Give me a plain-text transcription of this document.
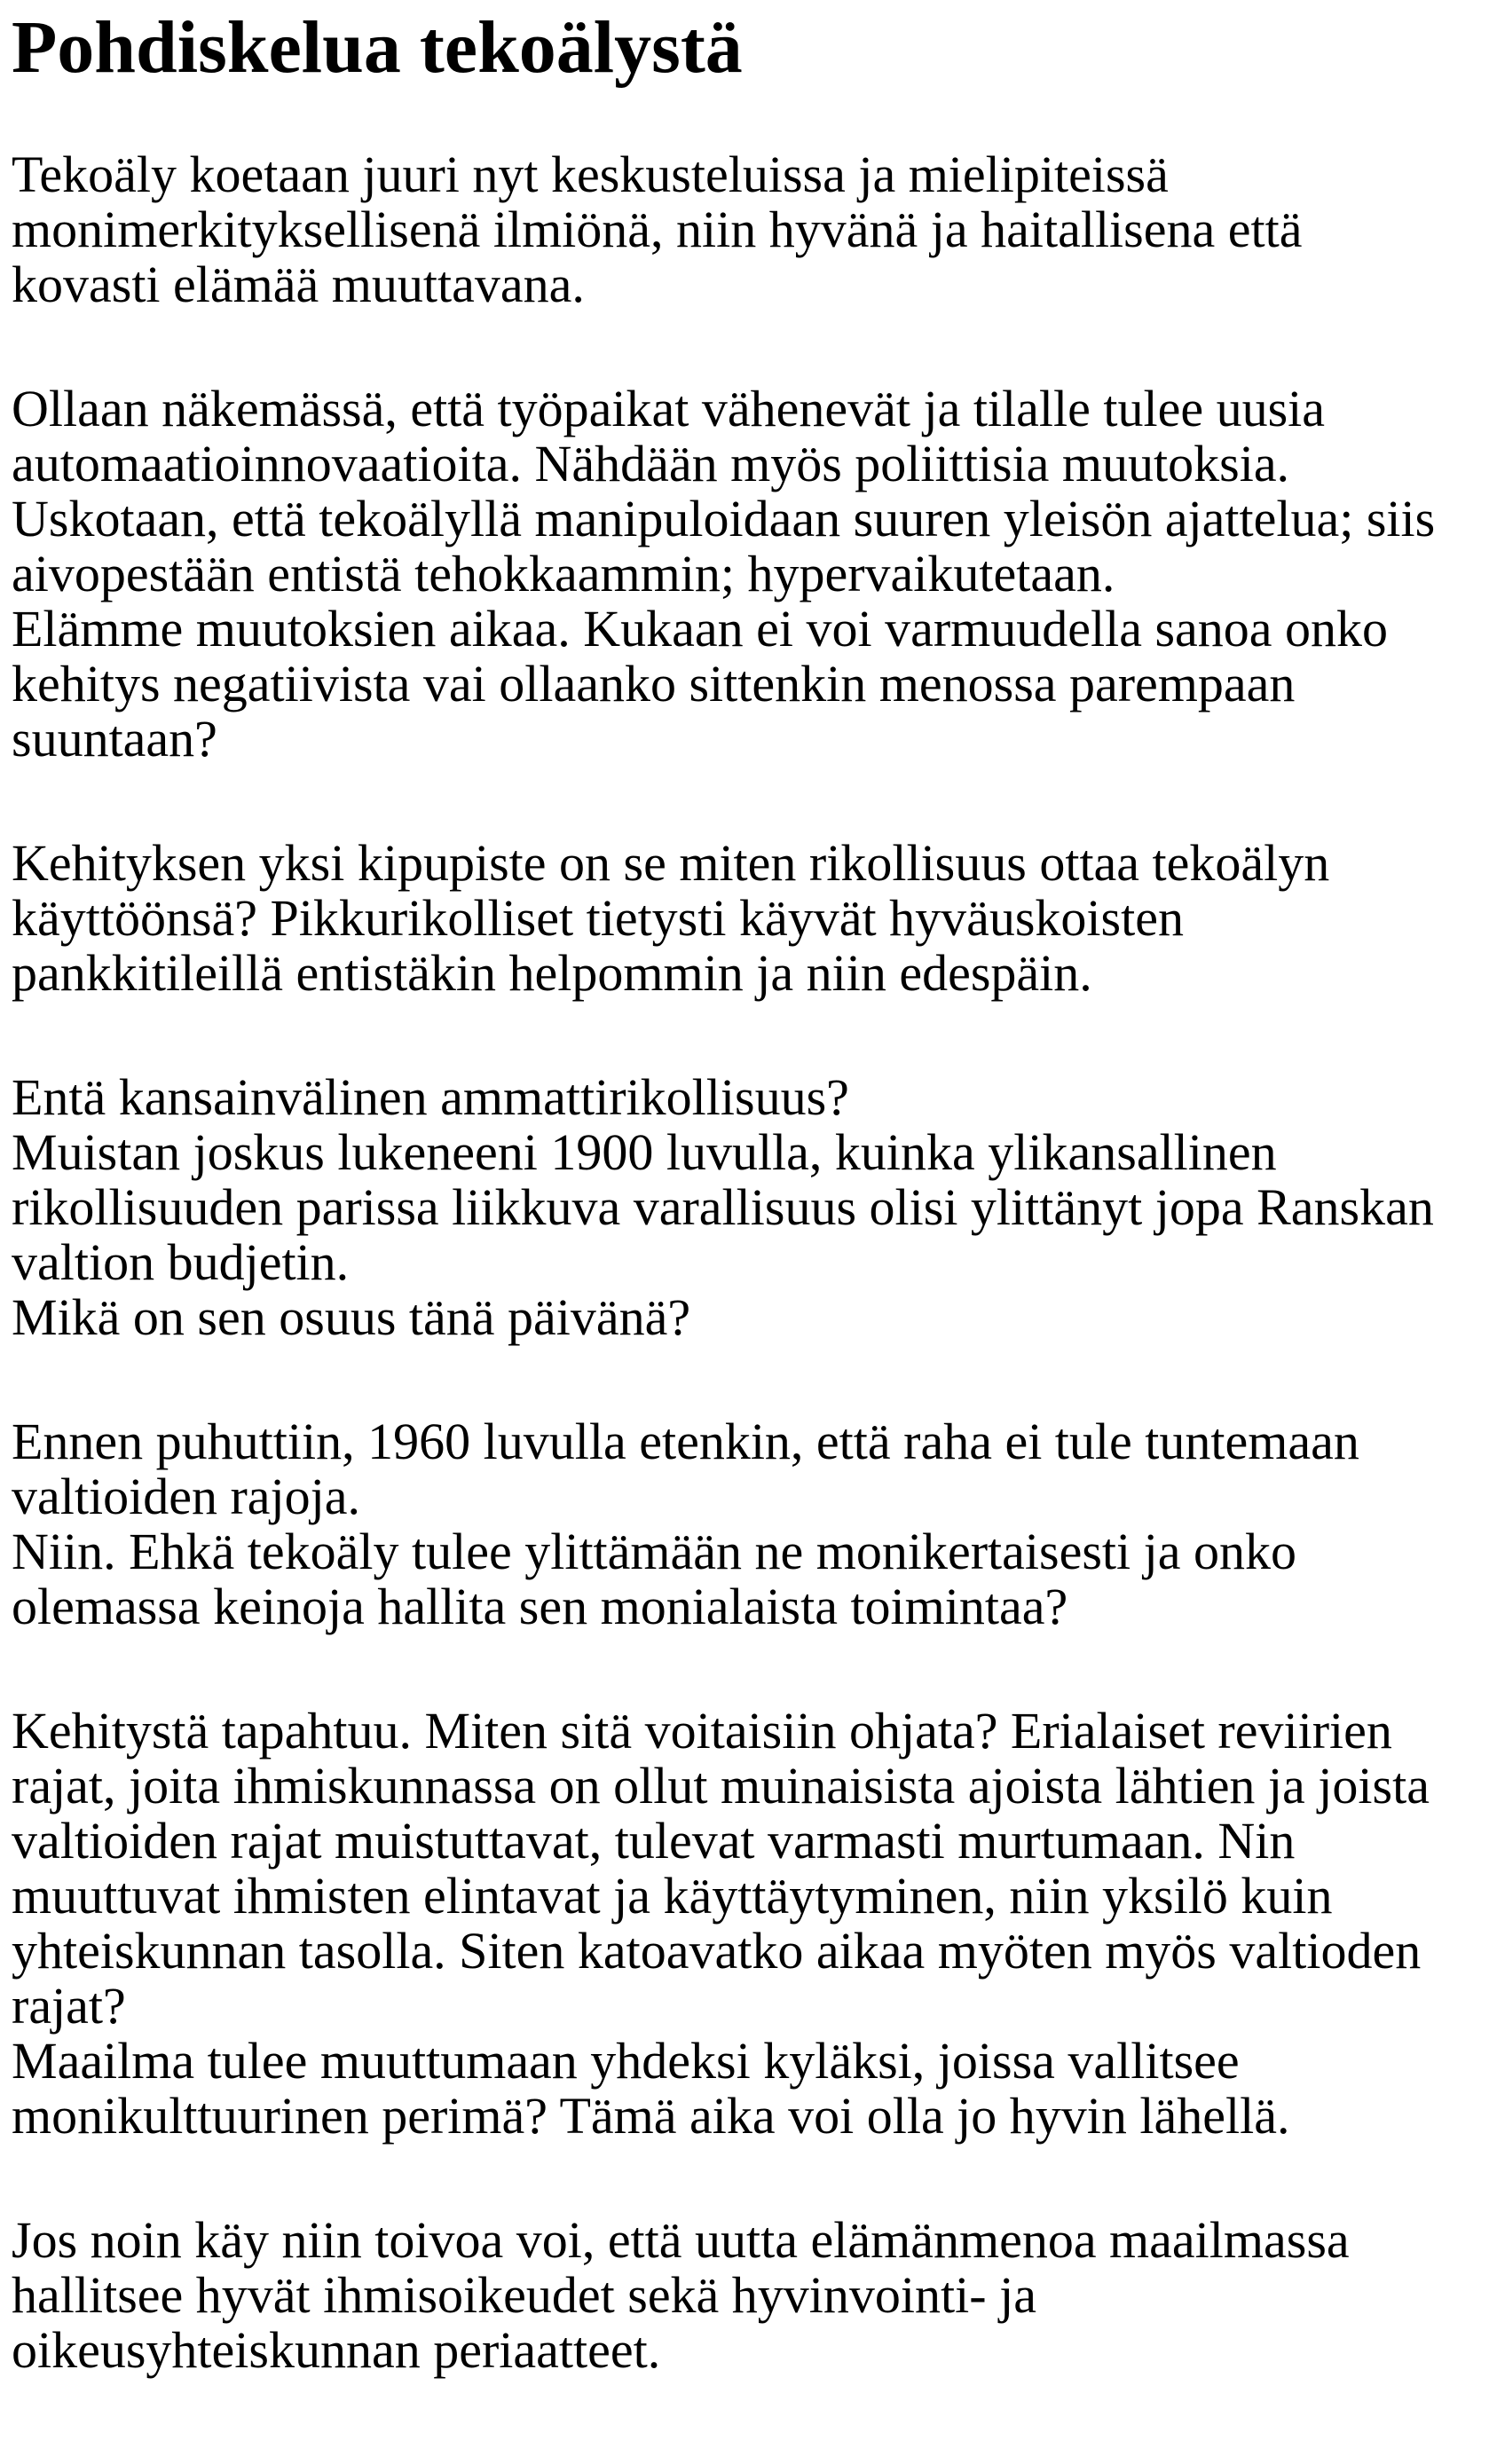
Pohdiskelua tekoälystä
Tekoäly koetaan juuri nyt keskusteluissa ja mielipiteissä
monimerkityksellisenä ilmiönä, niin hyvänä ja haitallisena että
kovasti elämää muuttavana.
Ollaan näkemässä, että työpaikat vähenevät ja tilalle tulee uusia
automaatioinnovaatioita. Nähdään myös poliittisia muutoksia.
Uskotaan, että tekoälyllä manipuloidaan suuren yleisön ajattelua; siis
aivopestään entistä tehokkaammin; hypervaikutetaan.
Elämme muutoksien aikaa. Kukaan ei voi varmuudella sanoa onko
kehitys negatiivista vai ollaanko sittenkin menossa parempaan
suuntaan?
Kehityksen yksi kipupiste on se miten rikollisuus ottaa tekoälyn
käyttöönsä? Pikkurikolliset tietysti käyvät hyväuskoisten
pankkitileillä entistäkin helpommin ja niin edespäin.
Entä kansainvälinen ammattirikollisuus?
Muistan joskus lukeneeni 1900 luvulla, kuinka ylikansallinen
rikollisuuden parissa liikkuva varallisuus olisi ylittänyt jopa Ranskan
valtion budjetin.
Mikä on sen osuus tänä päivänä?
Ennen puhuttiin, 1960 luvulla etenkin, että raha ei tule tuntemaan
valtioiden rajoja.
Niin. Ehkä tekoäly tulee ylittämään ne monikertaisesti ja onko
olemassa keinoja hallita sen monialaista toimintaa?
Kehitystä tapahtuu. Miten sitä voitaisiin ohjata? Erialaiset reviirien
rajat, joita ihmiskunnassa on ollut muinaisista ajoista lähtien ja joista
valtioiden rajat muistuttavat, tulevat varmasti murtumaan. Nin
muuttuvat ihmisten elintavat ja käyttäytyminen, niin yksilö kuin
yhteiskunnan tasolla. Siten katoavatko aikaa myöten myös valtioden
rajat?
Maailma tulee muuttumaan yhdeksi kyläksi, joissa vallitsee
monikulttuurinen perimä? Tämä aika voi olla jo hyvin lähellä.
Jos noin käy niin toivoa voi, että uutta elämänmenoa maailmassa
hallitsee hyvät ihmisoikeudet sekä hyvinvointi- ja
oikeusyhteiskunnan periaatteet.
